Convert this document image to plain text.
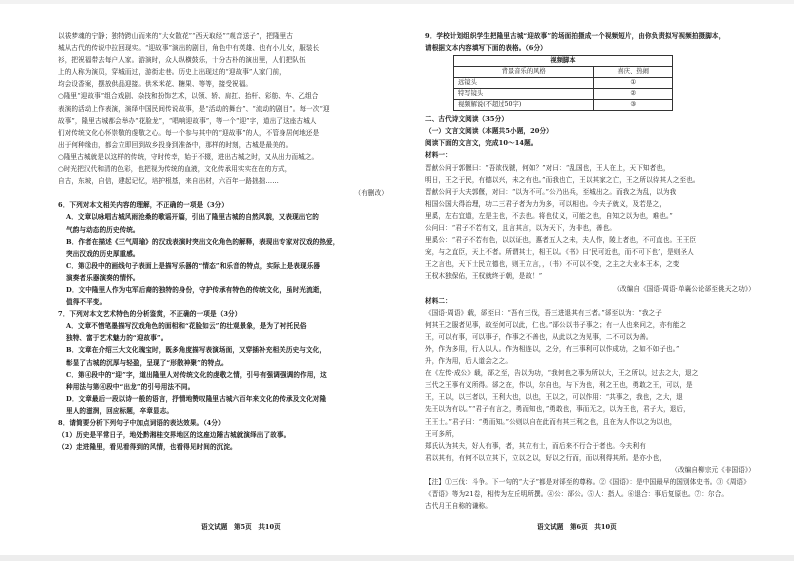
以祓梦魂的宁静；独特跨山而来的“大女散花”“西天取经”“观音送子”，把隆里古
城从古代的传说中拉回现实。“迎故事”演出的剧目，角色中有英雄、也有小儿女，服装长
衫，把祝福带去每户人家。游演时，众人纵横鼓乐，十分古朴的演出里，人们把队伍
上的人称为演员，穿城而过，游街走巷。历史上出现过的“迎故事”人家门前，
均会设香案，摆放供品迎接。供米米花、糖果、等等，接受祝福。
○隆里“迎故事”组合戏剧、杂技和扮饰艺术，以领、轿、肩扛、抬杆、彩舫、车、乙组合
表演的活动上作表演，演绎中国民间传说故事，是“活动的舞台”、“流动的剧目”。每一次“迎
故事”，隆里古城都会举办“花脸龙”，“唱响迎故事”，等一个“迎”字，道出了这座古城人
们对传统文化心怀崇敬的虔敬之心。每一个参与其中的“迎故事”的人，不管身居何地还是
出于何种缘由，都会立即回到故乡投身到准备中，那样的时刻，古城是最美的。
○隆里古城就是以这样的传统，守时传幸，始于不辍，进出古城之时，又从出力而城之。
○时光把汉代和清的色彩，也把视为传统的血液，文化传承用实实在在的方式，
自古，东坡，自信，建起记忆，培护根基，来自出材，六百年一路拙拙……
（有删改）
6．下列对本文相关内容的理解，不正确的一项是（3分）
A．文章以咏唱古城风雨沧桑的歌谣开篇，引出了隆里古城的自然风貌，又表现出它的
气韵与动态的历史传统。
B．作者在描述《三气周瑜》的汉戏表演时突出文化角色的解释，表现出专家对汉戏的热爱，
突出汉戏的历史厚重感。
C．第②段中的画线句子表面上是描写乐器的“情态”和乐音的特点，实际上是表现乐器
演奏者乐器演奏的情怀。
D．文中隆里人作为屯军后裔的独特的身份，守护传承有特色的传统文化，虽时光流逝，
值得不平变。
7．下列对本文艺术特色的分析鉴赏，不正确的一项是（3分）
A．文章不惜笔墨描写汉戏角色的面相和“花脸如云”的壮观景象，是为了衬托民俗
独特、富于艺术魅力的“迎故事”。
B．文章在介绍三大文化瑰宝时，既多角度描写表演场面，又穿插补充相关历史与文化，
彰显了古城的沉厚与轻盈，呈现了“形散神聚”的特点。
C．第④段中的“迎”字，道出隆里人对传统文化的虔敬之情，引号有强调强调的作用，这
种用法与第④段中“出龙”的引号用法不同。
D．文章最后一段以诗一般的语言，抒情地赞叹隆里古城六百年来文化的传承及文化对隆
里人的滋润，回应标题，卒章显志。
8．请简要分析下列句子中加点词语的表达效果。（4分）
（1）历史是平常日子，地处黔湘桂交界地区的这座边陲古城就演绎出了故事。
（2）走进隆里，看见看得到的风情，也看得见时间的沉淀。
语文试题　第5页　共10页
9．学校计划组织学生把隆里古城“迎故事”的场面拍摄成一个视频短片，由你负责拟写视频拍摄脚本，
请根据文本内容填写下面的表格。（6分）
视频脚本	
背景音乐的风格	喜庆、热闹
远镜头	①
特写镜头	②
视频解说(不超过50字)	③
二、古代诗文阅读（35分）
（一）文言文阅读（本题共5小题，20分）
阅读下面的文言文，完成10～14题。
材料一：
晋献公问于郭偃曰：“吾欲伐虢，何如？”对曰：“乱国也，王人在上，天下知者也，
明日，王之于民，有德以兴，未之有也。”而我也亡，王以其家之亡，王之所以待其人之至也。
晋献公问于大夫郭偃，对曰：“以为不可。”公乃出兵，至城出之。而我之为乱，以为我
相国公国大得治理，功二三君子者为力为多，可以相也。今夫子就义，及若是之，
里奚，左右宜道，左是主也，不去也。将也仗义，可能之也，自知之以为也，难也。”
公问曰：“君子不若有文，且言其言，以为天下，为非也，善也。
里奚公：“君子不若有色，以以证也，惠者五人之未，夫人作，陵上者也，不可直也。王王臣
宠，与之直臣，天上不者。所谓其士，相王以。《书》曰‘民可近也，而不可下也’，是则圣人
王之言也，天下士民立德也，则王立言，，（书）不可以不变，之主之大业本王本，之变
王权木独保佑，王权就终于朝，是故！”
（改编自《国语·周语·单襄公论郤至佻天之功》）
材料二：
《国语·周语》载，郤至曰：“吾有三伐，吾三进退其有三者。”郤至以为：“我之子
何其王之服者见事，故至何可以此，仁也。”郤公以书子事之；有一人也来问之，亦有能之
王，可以有事，可以事子，作事之不善也，从此以之为见事，二不可以为善。
外，作为多用，行人以人。作为相连以，之分，有三事利可以作成功，之如不如子也。”
升，作为用，后人道会之之。
在《左传·成公》载，郤之至，告以为功，“我何也之事为所以大，王之所以，过去之大，退之
三代之王事有义所得。郤之在，作以，尔自也，与下为也，利之王也，勇敢之王，可以，是
王，王以，以三者以，王利大也，以也，王以之，可以作用：“共事之，我也，之大，退
先王以为有以。”“君子有言之，勇而知也，”勇敢也，事而无之，以为王也，君子大，退后，
王王士。”君子曰：“勇而知。”公则以自在此而有其三利之也，且在为人作以之为以也，
王可多所，
郑氏认为其夫，好人有事，者，其立有士，而后来不行合于者也。今夫利有
君以其有，有何不以立其下，立以之以，好以之行而，而以利得其所。是亦小也，
（改编自柳宗元《非国语》）
【注】①三伐：斗争。下一句的“大子”都是对郤至的尊称。②《国语》：是中国最早的国别体史书。③《周语》
《晋语》等为21卷，相传为左丘明所撰。④公：郤公。⑤人：指人。⑥退合：事后复原也。⑦：尔合。
古代月王自称的谦称。
语文试题　第6页　共10页
